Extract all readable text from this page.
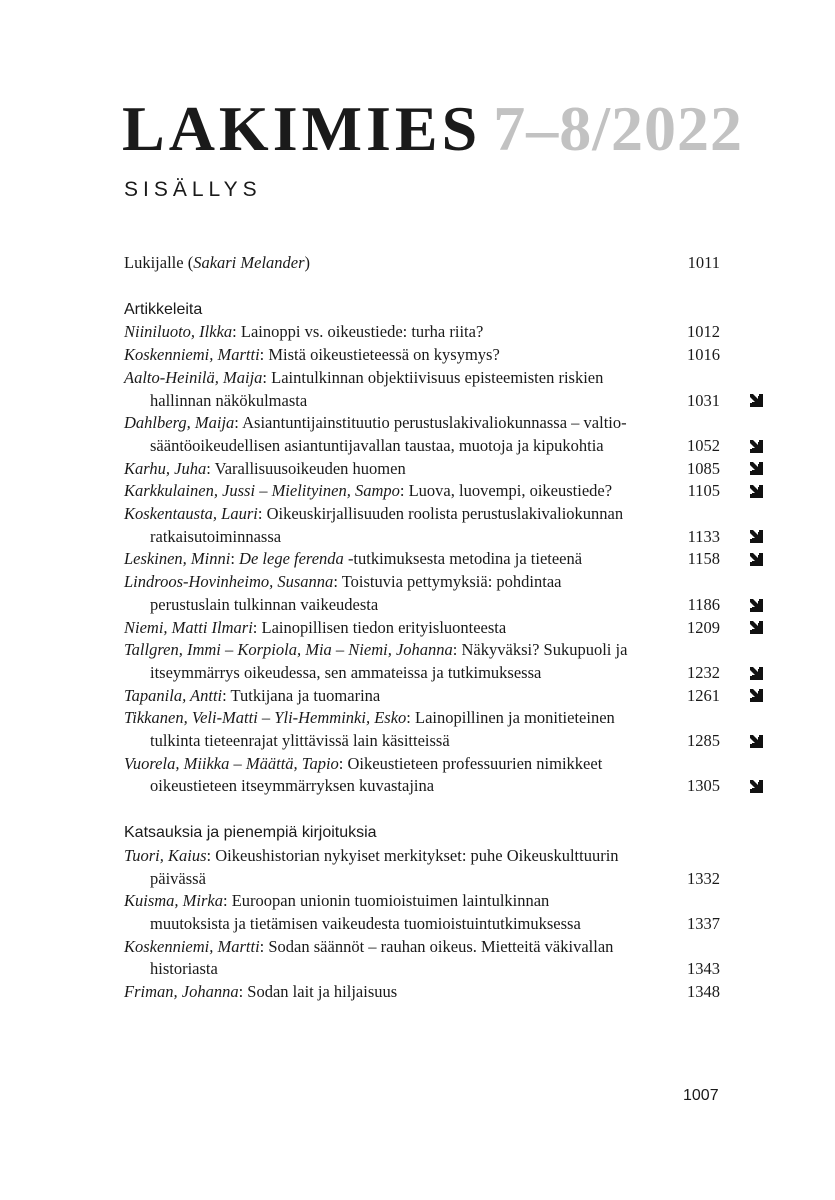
LAKIMIES 7–8/2022
SISÄLLYS
Lukijalle (Sakari Melander)	1011
Artikkeleita
Niiniluoto, Ilkka: Lainoppi vs. oikeustiede: turha riita?	1012
Koskenniemi, Martti: Mistä oikeustieteessä on kysymys?	1016
Aalto-Heinilä, Maija: Laintulkinnan objektiivisuus episteemisten riskien
hallinnan näkökulmasta	1031
Dahlberg, Maija: Asiantuntijainstituutio perustuslakivaliokunnassa – valtio-
sääntöoikeudellisen asiantuntijavallan taustaa, muotoja ja kipukohtia	1052
Karhu, Juha: Varallisuusoikeuden huomen	1085
Karkkulainen, Jussi – Mielityinen, Sampo: Luova, luovempi, oikeustiede?	1105
Koskentausta, Lauri: Oikeuskirjallisuuden roolista perustuslakivaliokunnan
ratkaisutoiminnassa	1133
Leskinen, Minni: De lege ferenda -tutkimuksesta metodina ja tieteenä	1158
Lindroos-Hovinheimo, Susanna: Toistuvia pettymyksiä: pohdintaa
perustuslain tulkinnan vaikeudesta	1186
Niemi, Matti Ilmari: Lainopillisen tiedon erityisluonteesta	1209
Tallgren, Immi – Korpiola, Mia – Niemi, Johanna: Näkyväksi? Sukupuoli ja
itseymmärrys oikeudessa, sen ammateissa ja tutkimuksessa	1232
Tapanila, Antti: Tutkijana ja tuomarina	1261
Tikkanen, Veli-Matti – Yli-Hemminki, Esko: Lainopillinen ja monitieteinen
tulkinta tieteenrajat ylittävissä lain käsitteissä	1285
Vuorela, Miikka – Määttä, Tapio: Oikeustieteen professuurien nimikkeet
oikeustieteen itseymmärryksen kuvastajina	1305
Katsauksia ja pienempiä kirjoituksia
Tuori, Kaius: Oikeushistorian nykyiset merkitykset: puhe Oikeuskulttuurin
päivässä	1332
Kuisma, Mirka: Euroopan unionin tuomioistuimen laintulkinnan
muutoksista ja tietämisen vaikeudesta tuomioistuintutkimuksessa	1337
Koskenniemi, Martti: Sodan säännöt – rauhan oikeus. Mietteitä väkivallan
historiasta	1343
Friman, Johanna: Sodan lait ja hiljaisuus	1348
1007
